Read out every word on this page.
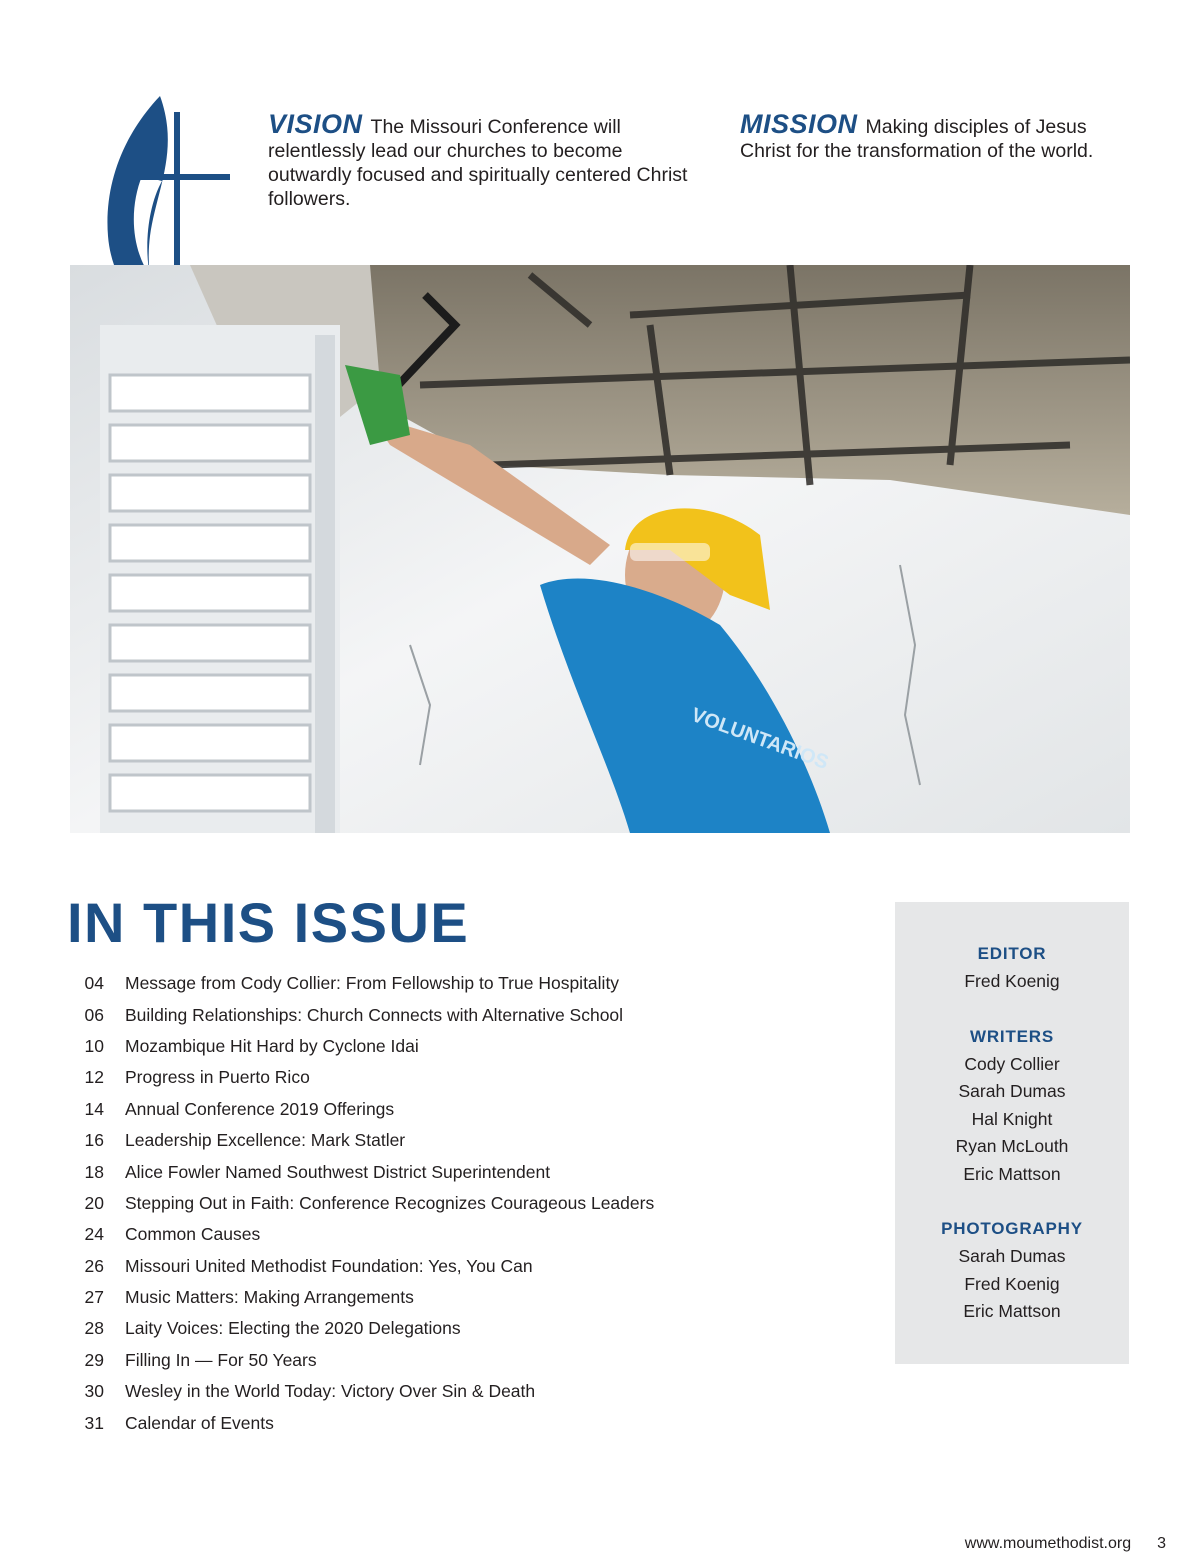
VISION The Missouri Conference will relentlessly lead our churches to become outwardly focused and spiritually centered Christ followers.
MISSION Making disciples of Jesus Christ for the transformation of the world.
VOLUNTARIOS
IN THIS ISSUE
04 Message from Cody Collier: From Fellowship to True Hospitality
06 Building Relationships: Church Connects with Alternative School
10 Mozambique Hit Hard by Cyclone Idai
12 Progress in Puerto Rico
14 Annual Conference 2019 Offerings
16 Leadership Excellence: Mark Statler
18 Alice Fowler Named Southwest District Superintendent
20 Stepping Out in Faith: Conference Recognizes Courageous Leaders
24 Common Causes
26 Missouri United Methodist Foundation: Yes, You Can
27 Music Matters: Making Arrangements
28 Laity Voices: Electing the 2020 Delegations
29 Filling In — For 50 Years
30 Wesley in the World Today: Victory Over Sin & Death
31 Calendar of Events
EDITOR
Fred Koenig
WRITERS
Cody Collier
Sarah Dumas
Hal Knight
Ryan McLouth
Eric Mattson
PHOTOGRAPHY
Sarah Dumas
Fred Koenig
Eric Mattson
www.moumethodist.org 3
